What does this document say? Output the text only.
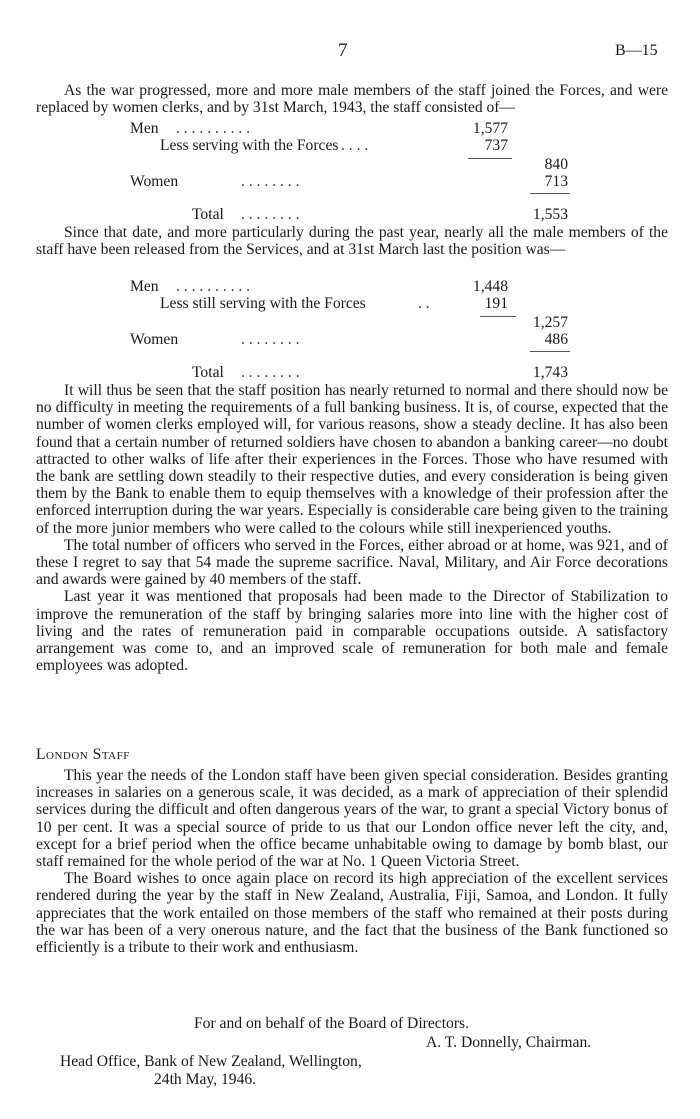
7	B—15

As the war progressed, more and more male members of the staff joined the Forces, and were replaced by women clerks, and by 31st March, 1943, the staff consisted of—

Men . . . . . . . . . .	1,577
Less serving with the Forces . . . .	737
840
Women	. . . . . . . .	713
Total . . . . . . . .	1,553

Since that date, and more particularly during the past year, nearly all the male members of the staff have been released from the Services, and at 31st March last the position was—

Men . . . . . . . . . .	1,448
Less still serving with the Forces	. .	191
1,257
Women	. . . . . . . .	486
Total . . . . . . . .	1,743

It will thus be seen that the staff position has nearly returned to normal and there should now be no difficulty in meeting the requirements of a full banking business. It is, of course, expected that the number of women clerks employed will, for various reasons, show a steady decline. It has also been found that a certain number of returned soldiers have chosen to abandon a banking career—no doubt attracted to other walks of life after their experiences in the Forces. Those who have resumed with the bank are settling down steadily to their respective duties, and every consideration is being given them by the Bank to enable them to equip themselves with a knowledge of their profession after the enforced interruption during the war years. Especially is considerable care being given to the training of the more junior members who were called to the colours while still inexperienced youths.

The total number of officers who served in the Forces, either abroad or at home, was 921, and of these I regret to say that 54 made the supreme sacrifice. Naval, Military, and Air Force decorations and awards were gained by 40 members of the staff.

Last year it was mentioned that proposals had been made to the Director of Stabilization to improve the remuneration of the staff by bringing salaries more into line with the higher cost of living and the rates of remuneration paid in comparable occupations outside. A satisfactory arrangement was come to, and an improved scale of remuneration for both male and female employees was adopted.

London Staff

This year the needs of the London staff have been given special consideration. Besides granting increases in salaries on a generous scale, it was decided, as a mark of appreciation of their splendid services during the difficult and often dangerous years of the war, to grant a special Victory bonus of 10 per cent. It was a special source of pride to us that our London office never left the city, and, except for a brief period when the office became unhabitable owing to damage by bomb blast, our staff remained for the whole period of the war at No. 1 Queen Victoria Street.

The Board wishes to once again place on record its high appreciation of the excellent services rendered during the year by the staff in New Zealand, Australia, Fiji, Samoa, and London. It fully appreciates that the work entailed on those members of the staff who remained at their posts during the war has been of a very onerous nature, and the fact that the business of the Bank functioned so efficiently is a tribute to their work and enthusiasm.

For and on behalf of the Board of Directors.

A. T. Donnelly, Chairman.

Head Office, Bank of New Zealand, Wellington,

24th May, 1946.
